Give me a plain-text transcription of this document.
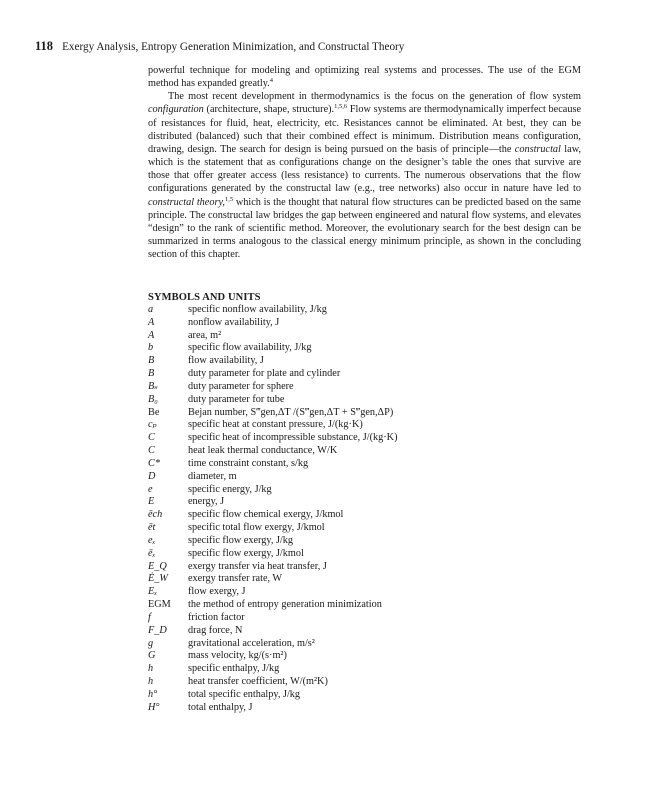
118 Exergy Analysis, Entropy Generation Minimization, and Constructal Theory

powerful technique for modeling and optimizing real systems and processes. The use of the EGM method has expanded greatly.$^4$

The most recent development in thermodynamics is the focus on the generation of flow system configuration (architecture, shape, structure).$^{1,5,6}$ Flow systems are thermodynamically imperfect because of resistances for fluid, heat, electricity, etc. Resistances cannot be eliminated. At best, they can be distributed (balanced) such that their combined effect is minimum. Distribution means configuration, drawing, design. The search for design is being pursued on the basis of principle—the constructal law, which is the statement that as configurations change on the designer’s table the ones that survive are those that offer greater access (less resistance) to currents. The numerous observations that the flow configurations generated by the constructal law (e.g., tree networks) also occur in nature have led to constructal theory,$^{1,5}$ which is the thought that natural flow structures can be predicted based on the same principle. The constructal law bridges the gap between engineered and natural flow systems, and elevates “design” to the rank of scientific method. Moreover, the evolutionary search for the best design can be summarized in terms analogous to the classical energy minimum principle, as shown in the concluding section of this chapter.

SYMBOLS AND UNITS
a	specific nonflow availability, J/kg
A	nonflow availability, J
A	area, m²
b	specific flow availability, J/kg
B	flow availability, J
B	duty parameter for plate and cylinder
Bₛ	duty parameter for sphere
B₀	duty parameter for tube
Be	Bejan number, S‴gen,ΔT /(S‴gen,ΔT + S‴gen,ΔP)
cₚ	specific heat at constant pressure, J/(kg·K)
C	specific heat of incompressible substance, J/(kg·K)
C	heat leak thermal conductance, W/K
C*	time constraint constant, s/kg
D	diameter, m
e	specific energy, J/kg
E	energy, J
ēch	specific flow chemical exergy, J/kmol
ēt	specific total flow exergy, J/kmol
eₓ	specific flow exergy, J/kg
ēₓ	specific flow exergy, J/kmol
E_Q	exergy transfer via heat transfer, J
Ė_W	exergy transfer rate, W
Eₓ	flow exergy, J
EGM	the method of entropy generation minimization
f	friction factor
F_D	drag force, N
g	gravitational acceleration, m/s²
G	mass velocity, kg/(s·m²)
h	specific enthalpy, J/kg
h	heat transfer coefficient, W/(m²K)
h°	total specific enthalpy, J/kg
H°	total enthalpy, J
